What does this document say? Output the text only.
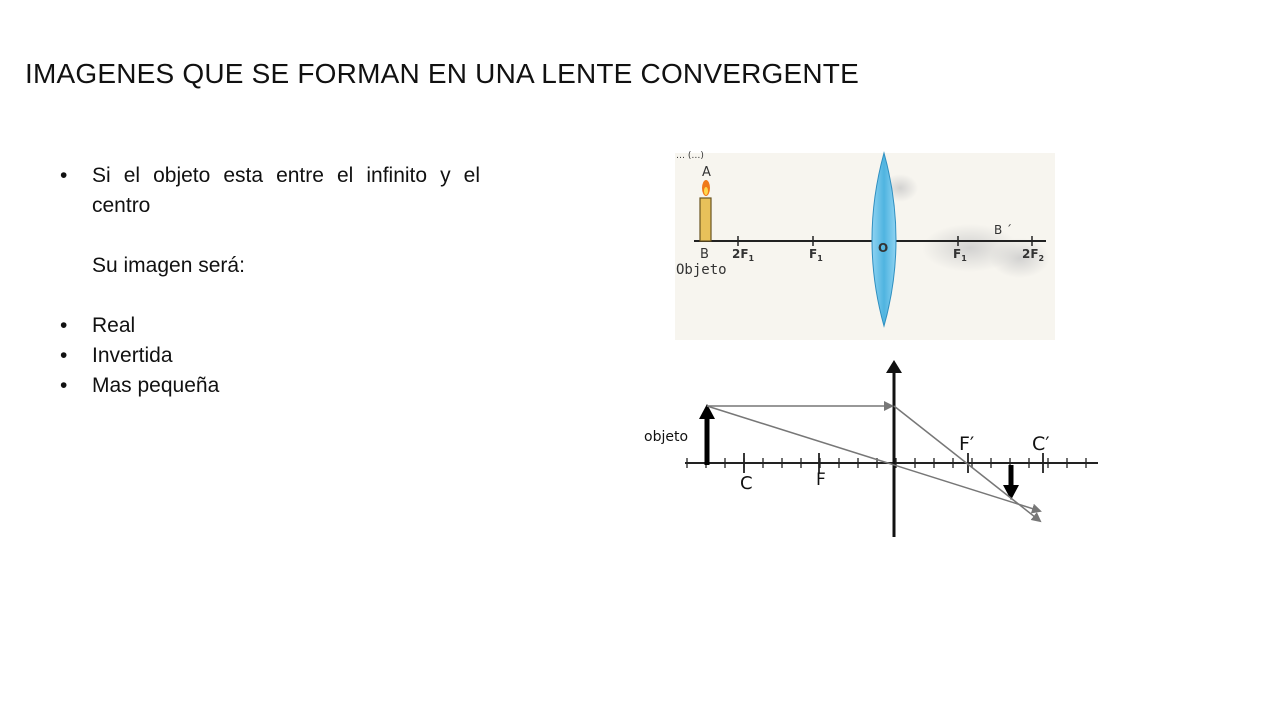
IMAGENES QUE SE FORMAN EN UNA LENTE CONVERGENTE
•	Si el objeto esta entre el infinito y el centro
Su imagen será:
•	Real
•	Invertida
•	Mas pequeña
… (…)
A
B $2F_1$	$F_1$
O	$F_1$	$2F_2$
B ´
Objeto
objeto
C	F
F′	C′
